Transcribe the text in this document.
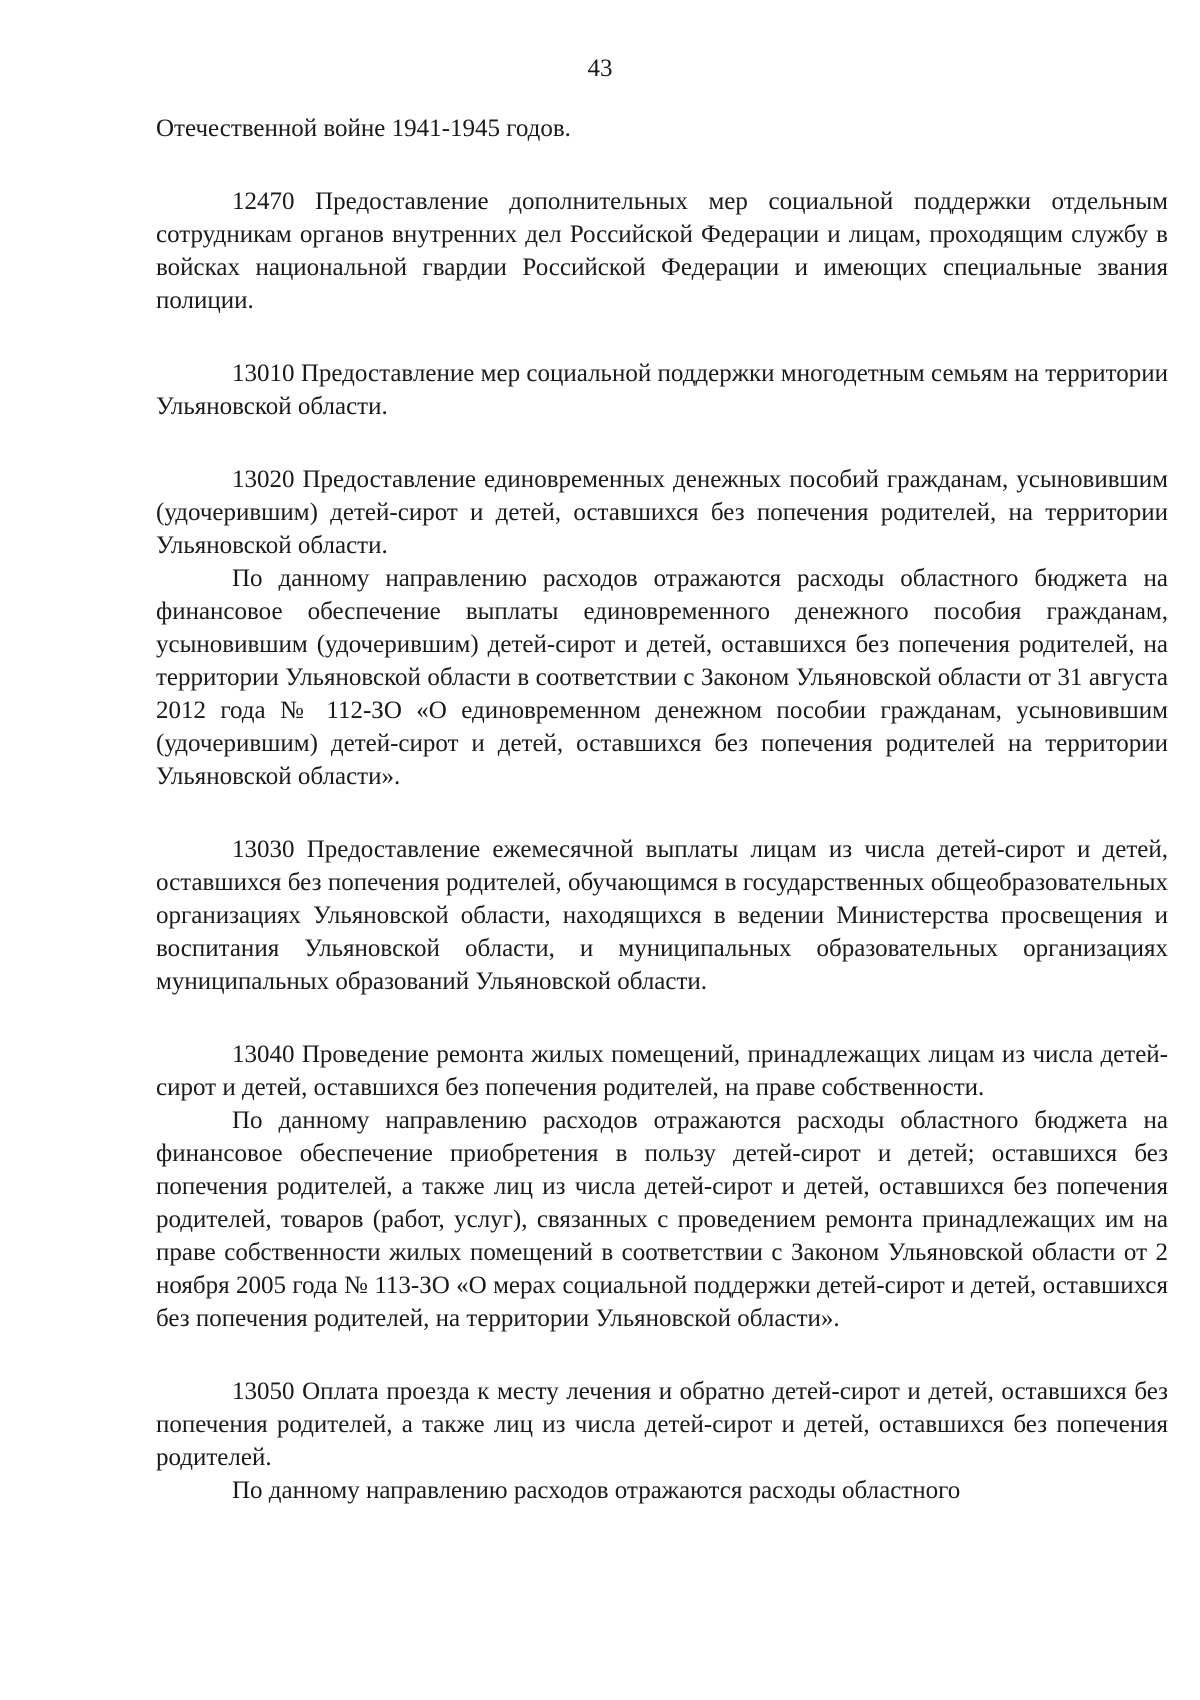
43

Отечественной войне 1941-1945 годов.

12470 Предоставление дополнительных мер социальной поддержки отдельным сотрудникам органов внутренних дел Российской Федерации и лицам, проходящим службу в войсках национальной гвардии Российской Федерации и имеющих специальные звания полиции.

13010 Предоставление мер социальной поддержки многодетным семьям на территории Ульяновской области.

13020 Предоставление единовременных денежных пособий гражданам, усыновившим (удочерившим) детей-сирот и детей, оставшихся без попечения родителей, на территории Ульяновской области.

По данному направлению расходов отражаются расходы областного бюджета на финансовое обеспечение выплаты единовременного денежного пособия гражданам, усыновившим (удочерившим) детей-сирот и детей, оставшихся без попечения родителей, на территории Ульяновской области в соответствии с Законом Ульяновской области от 31 августа 2012 года № 112-ЗО «О единовременном денежном пособии гражданам, усыновившим (удочерившим) детей-сирот и детей, оставшихся без попечения родителей на территории Ульяновской области».

13030 Предоставление ежемесячной выплаты лицам из числа детей-сирот и детей, оставшихся без попечения родителей, обучающимся в государственных общеобразовательных организациях Ульяновской области, находящихся в ведении Министерства просвещения и воспитания Ульяновской области, и муниципальных образовательных организациях муниципальных образований Ульяновской области.

13040 Проведение ремонта жилых помещений, принадлежащих лицам из числа детей-сирот и детей, оставшихся без попечения родителей, на праве собственности.

По данному направлению расходов отражаются расходы областного бюджета на финансовое обеспечение приобретения в пользу детей-сирот и детей; оставшихся без попечения родителей, а также лиц из числа детей-сирот и детей, оставшихся без попечения родителей, товаров (работ, услуг), связанных с проведением ремонта принадлежащих им на праве собственности жилых помещений в соответствии с Законом Ульяновской области от 2 ноября 2005 года № 113-ЗО «О мерах социальной поддержки детей-сирот и детей, оставшихся без попечения родителей, на территории Ульяновской области».

13050 Оплата проезда к месту лечения и обратно детей-сирот и детей, оставшихся без попечения родителей, а также лиц из числа детей-сирот и детей, оставшихся без попечения родителей.

По данному направлению расходов отражаются расходы областного
